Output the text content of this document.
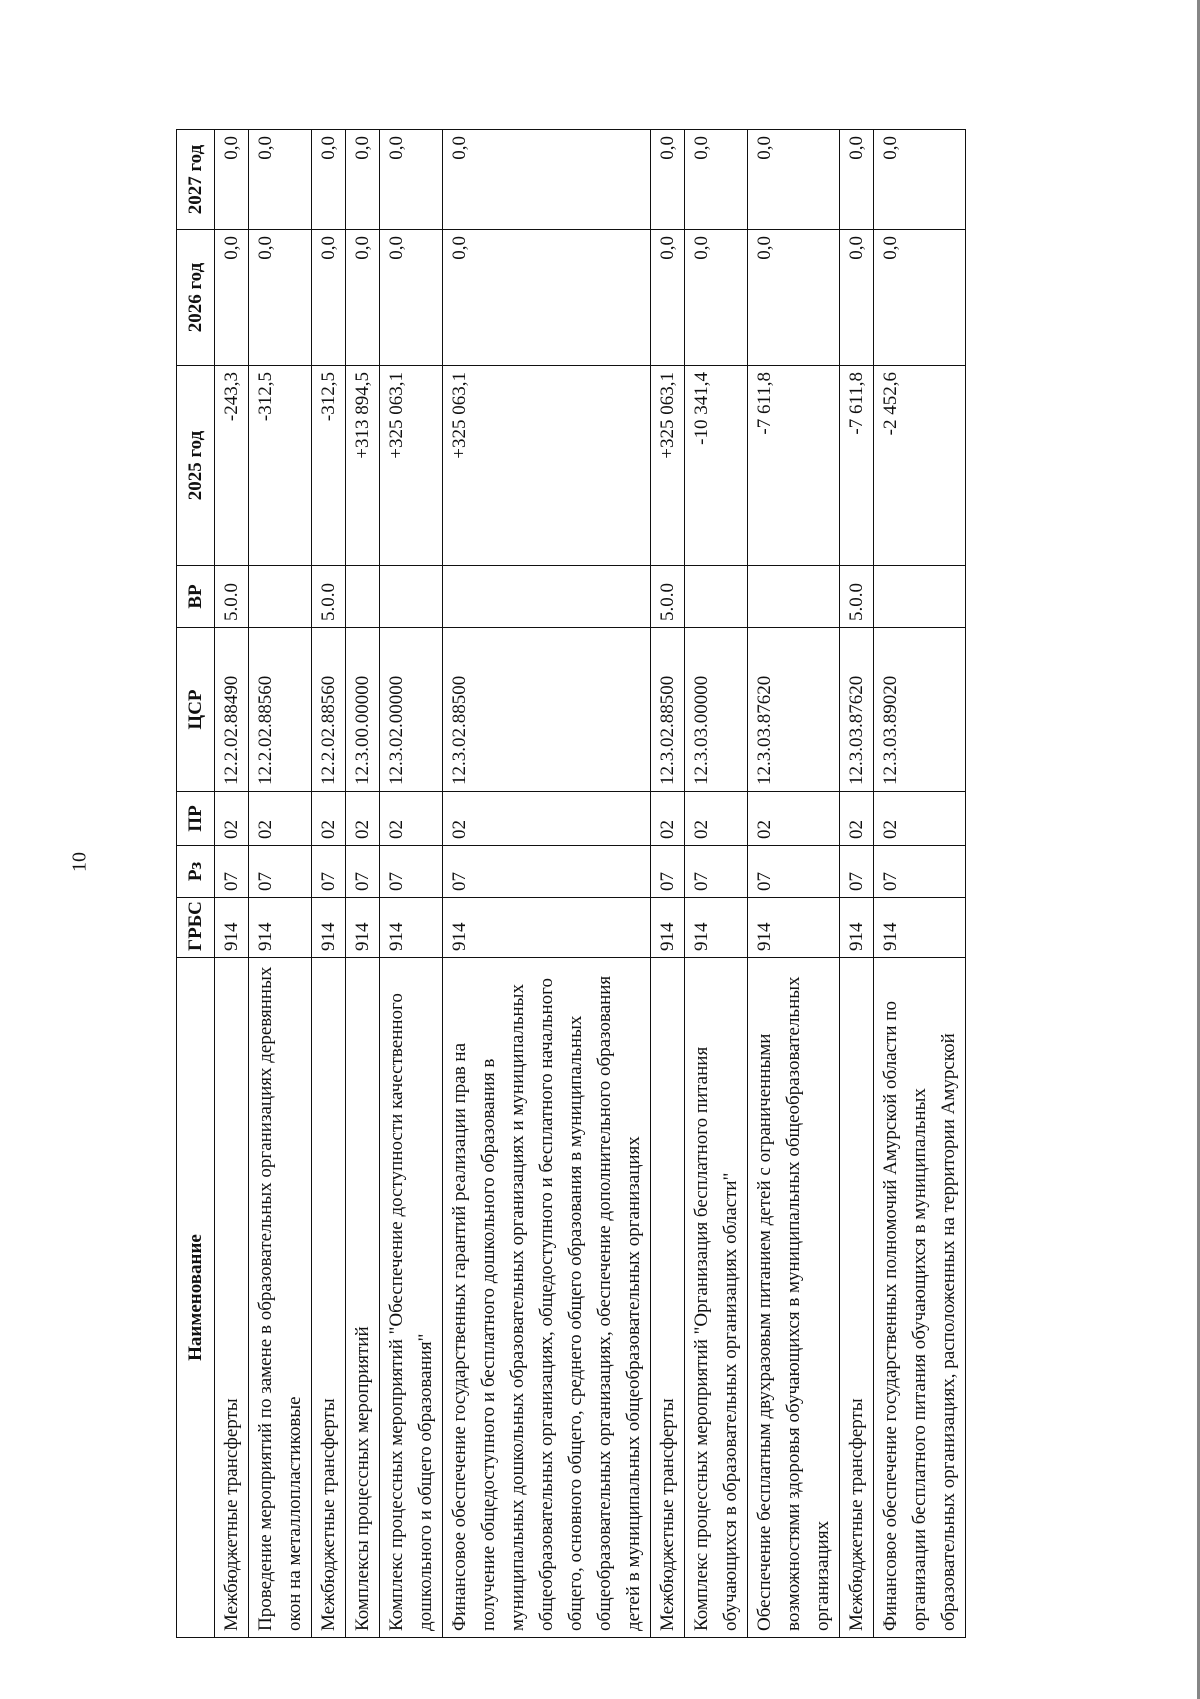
10
Наименование	ГРБС	Рз	ПР	ЦСР	ВР	2025 год	2026 год	2027 год
Межбюджетные трансферты	914	07	02	12.2.02.88490	5.0.0	-243,3	0,0	0,0
Проведение мероприятий по замене в образовательных организациях деревянных окон на металлопластиковые	914	07	02	12.2.02.88560		-312,5	0,0	0,0
Межбюджетные трансферты	914	07	02	12.2.02.88560	5.0.0	-312,5	0,0	0,0
Комплексы процессных мероприятий	914	07	02	12.3.00.00000		+313 894,5	0,0	0,0
Комплекс процессных мероприятий "Обеспечение доступности качественного дошкольного и общего образования"	914	07	02	12.3.02.00000		+325 063,1	0,0	0,0
Финансовое обеспечение государственных гарантий реализации прав на получение общедоступного и бесплатного дошкольного образования в муниципальных дошкольных образовательных организациях и муниципальных общеобразовательных организациях, общедоступного и бесплатного начального общего, основного общего, среднего общего образования в муниципальных общеобразовательных организациях, обеспечение дополнительного образования детей в муниципальных общеобразовательных организациях	914	07	02	12.3.02.88500		+325 063,1	0,0	0,0
Межбюджетные трансферты	914	07	02	12.3.02.88500	5.0.0	+325 063,1	0,0	0,0
Комплекс процессных мероприятий "Организация бесплатного питания обучающихся в образовательных организациях области"	914	07	02	12.3.03.00000		-10 341,4	0,0	0,0
Обеспечение бесплатным двухразовым питанием детей с ограниченными возможностями здоровья обучающихся в муниципальных общеобразовательных организациях	914	07	02	12.3.03.87620		-7 611,8	0,0	0,0
Межбюджетные трансферты	914	07	02	12.3.03.87620	5.0.0	-7 611,8	0,0	0,0
Финансовое обеспечение государственных полномочий Амурской области по организации бесплатного питания обучающихся в муниципальных образовательных организациях, расположенных на территории Амурской	914	07	02	12.3.03.89020		-2 452,6	0,0	0,0
